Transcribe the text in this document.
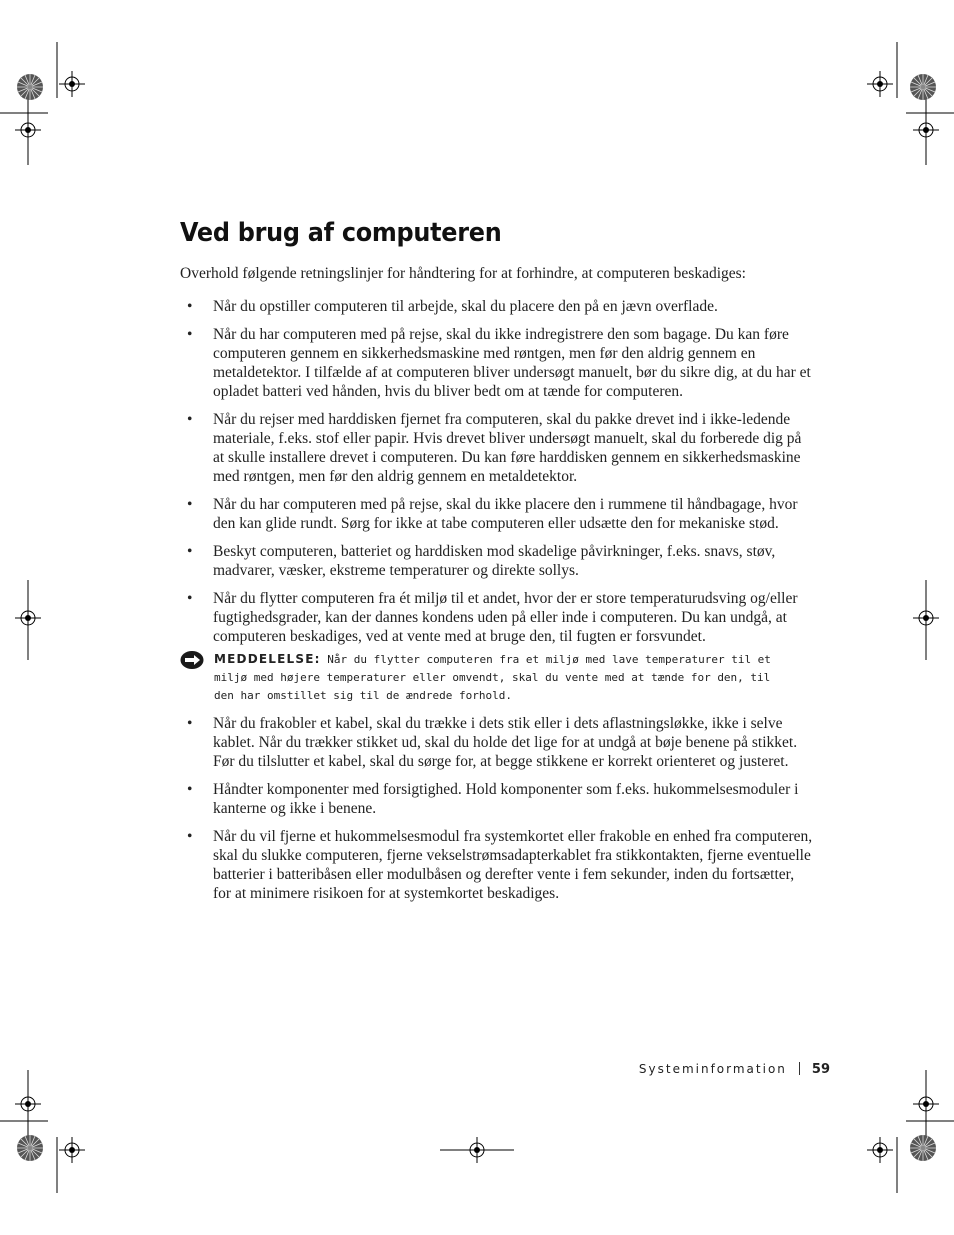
Ved brug af computeren

Overhold følgende retningslinjer for håndtering for at forhindre, at computeren beskadiges:

• Når du opstiller computeren til arbejde, skal du placere den på en jævn overflade.
• Når du har computeren med på rejse, skal du ikke indregistrere den som bagage. Du kan føre computeren gennem en sikkerhedsmaskine med røntgen, men før den aldrig gennem en metaldetektor. I tilfælde af at computeren bliver undersøgt manuelt, bør du sikre dig, at du har et opladet batteri ved hånden, hvis du bliver bedt om at tænde for computeren.
• Når du rejser med harddisken fjernet fra computeren, skal du pakke drevet ind i ikke-ledende materiale, f.eks. stof eller papir. Hvis drevet bliver undersøgt manuelt, skal du forberede dig på at skulle installere drevet i computeren. Du kan føre harddisken gennem en sikkerhedsmaskine med røntgen, men før den aldrig gennem en metaldetektor.
• Når du har computeren med på rejse, skal du ikke placere den i rummene til håndbagage, hvor den kan glide rundt. Sørg for ikke at tabe computeren eller udsætte den for mekaniske stød.
• Beskyt computeren, batteriet og harddisken mod skadelige påvirkninger, f.eks. snavs, støv, madvarer, væsker, ekstreme temperaturer og direkte sollys.
• Når du flytter computeren fra ét miljø til et andet, hvor der er store temperaturudsving og/eller fugtighedsgrader, kan der dannes kondens uden på eller inde i computeren. Du kan undgå, at computeren beskadiges, ved at vente med at bruge den, til fugten er forsvundet.
MEDDELELSE: Når du flytter computeren fra et miljø med lave temperaturer til et miljø med højere temperaturer eller omvendt, skal du vente med at tænde for den, til den har omstillet sig til de ændrede forhold.
• Når du frakobler et kabel, skal du trække i dets stik eller i dets aflastningsløkke, ikke i selve kablet. Når du trækker stikket ud, skal du holde det lige for at undgå at bøje benene på stikket. Før du tilslutter et kabel, skal du sørge for, at begge stikkene er korrekt orienteret og justeret.
• Håndter komponenter med forsigtighed. Hold komponenter som f.eks. hukommelsesmoduler i kanterne og ikke i benene.
• Når du vil fjerne et hukommelsesmodul fra systemkortet eller frakoble en enhed fra computeren, skal du slukke computeren, fjerne vekselstrømsadapterkablet fra stikkontakten, fjerne eventuelle batterier i batteribåsen eller modulbåsen og derefter vente i fem sekunder, inden du fortsætter, for at minimere risikoen for at systemkortet beskadiges.
Systeminformation 59
